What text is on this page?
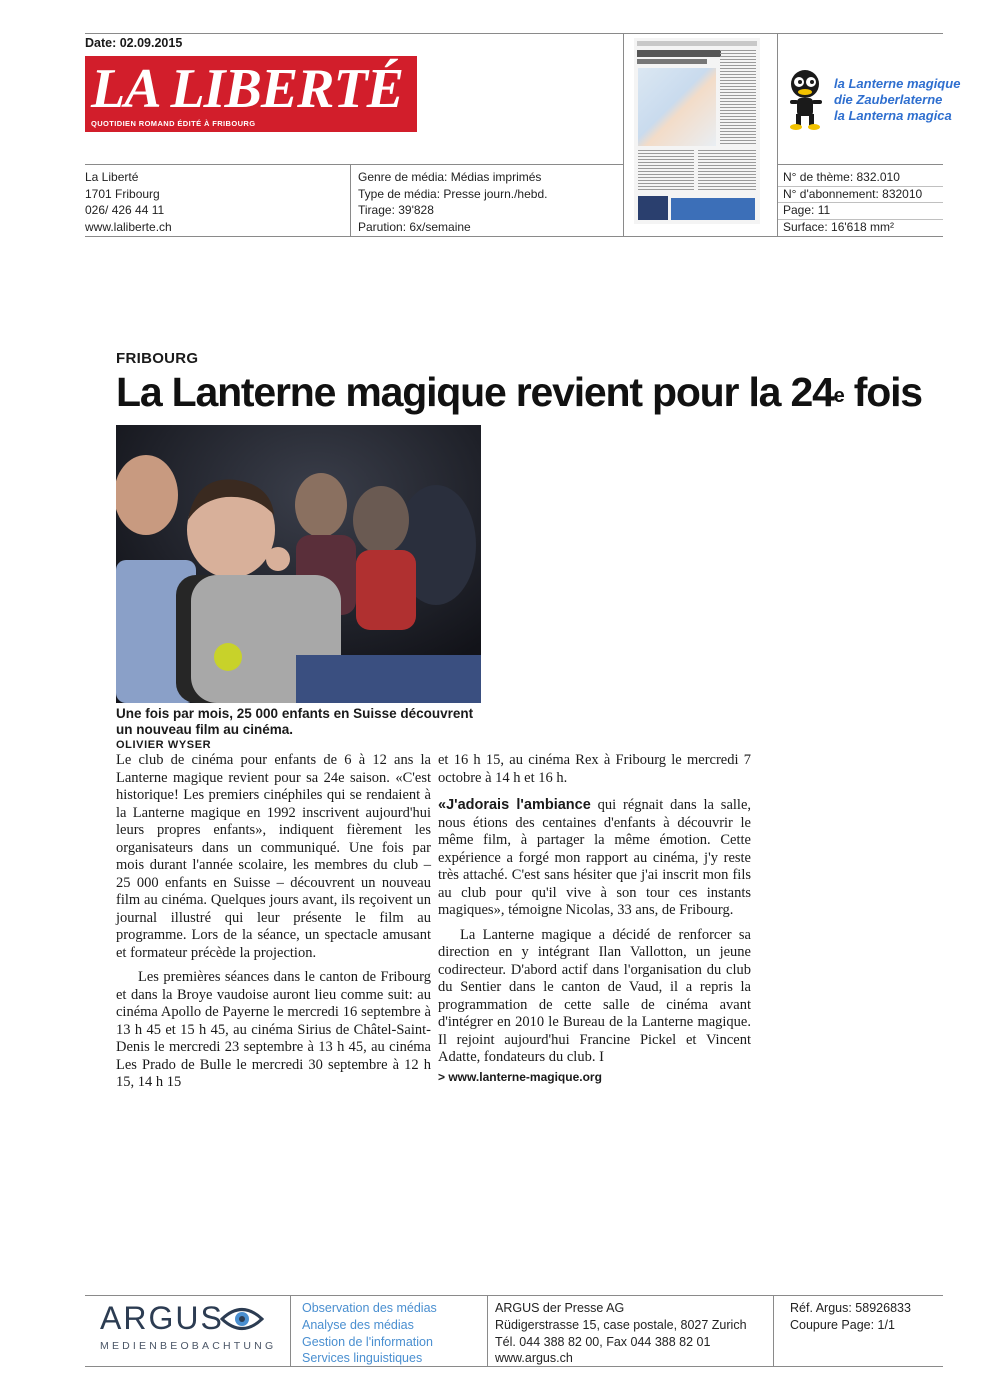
Date: 02.09.2015
LA LIBERTÉ
QUOTIDIEN ROMAND ÉDITÉ À FRIBOURG
La Liberté
1701 Fribourg
026/ 426 44 11
www.laliberte.ch
Genre de média: Médias imprimés
Type de média: Presse journ./hebd.
Tirage: 39'828
Parution: 6x/semaine
la Lanterne magique
die Zauberlaterne
la Lanterna magica
N° de thème: 832.010
N° d'abonnement: 832010
Page: 11
Surface: 16'618 mm²
FRIBOURG
La Lanterne magique revient pour la 24e fois
Une fois par mois, 25 000 enfants en Suisse découvrent un nouveau film au cinéma.
OLIVIER WYSER

Le club de cinéma pour enfants de 6 à 12 ans la Lanterne magique revient pour sa 24e saison. «C'est historique! Les premiers cinéphiles qui se rendaient à la Lanterne magique en 1992 inscrivent aujourd'hui leurs propres enfants», indiquent fièrement les organisateurs dans un communiqué. Une fois par mois durant l'année scolaire, les membres du club – 25 000 enfants en Suisse – découvrent un nouveau film au cinéma. Quelques jours avant, ils reçoivent un journal illustré qui leur présente le film au programme. Lors de la séance, un spectacle amusant et formateur précède la projection.

Les premières séances dans le canton de Fribourg et dans la Broye vaudoise auront lieu comme suit: au cinéma Apollo de Payerne le mercredi 16 septembre à 13 h 45 et 15 h 45, au cinéma Sirius de Châtel-Saint-Denis le mercredi 23 septembre à 13 h 45, au cinéma Les Prado de Bulle le mercredi 30 septembre à 12 h 15, 14 h 15

et 16 h 15, au cinéma Rex à Fribourg le mercredi 7 octobre à 14 h et 16 h.

«J'adorais l'ambiance qui régnait dans la salle, nous étions des centaines d'enfants à découvrir le même film, à partager la même émotion. Cette expérience a forgé mon rapport au cinéma, j'y reste très attaché. C'est sans hésiter que j'ai inscrit mon fils au club pour qu'il vive à son tour ces instants magiques», témoigne Nicolas, 33 ans, de Fribourg.

La Lanterne magique a décidé de renforcer sa direction en y intégrant Ilan Vallotton, un jeune codirecteur. D'abord actif dans l'organisation du club du Sentier dans le canton de Vaud, il a repris la programmation de cette salle de cinéma avant d'intégrer en 2010 le Bureau de la Lanterne magique. Il rejoint aujourd'hui Francine Pickel et Vincent Adatte, fondateurs du club. I

> www.lanterne-magique.org
ARGUS
MEDIENBEOBACHTUNG
Observation des médias
Analyse des médias
Gestion de l'information
Services linguistiques
ARGUS der Presse AG
Rüdigerstrasse 15, case postale, 8027 Zurich
Tél. 044 388 82 00, Fax 044 388 82 01
www.argus.ch
Réf. Argus: 58926833
Coupure Page: 1/1
